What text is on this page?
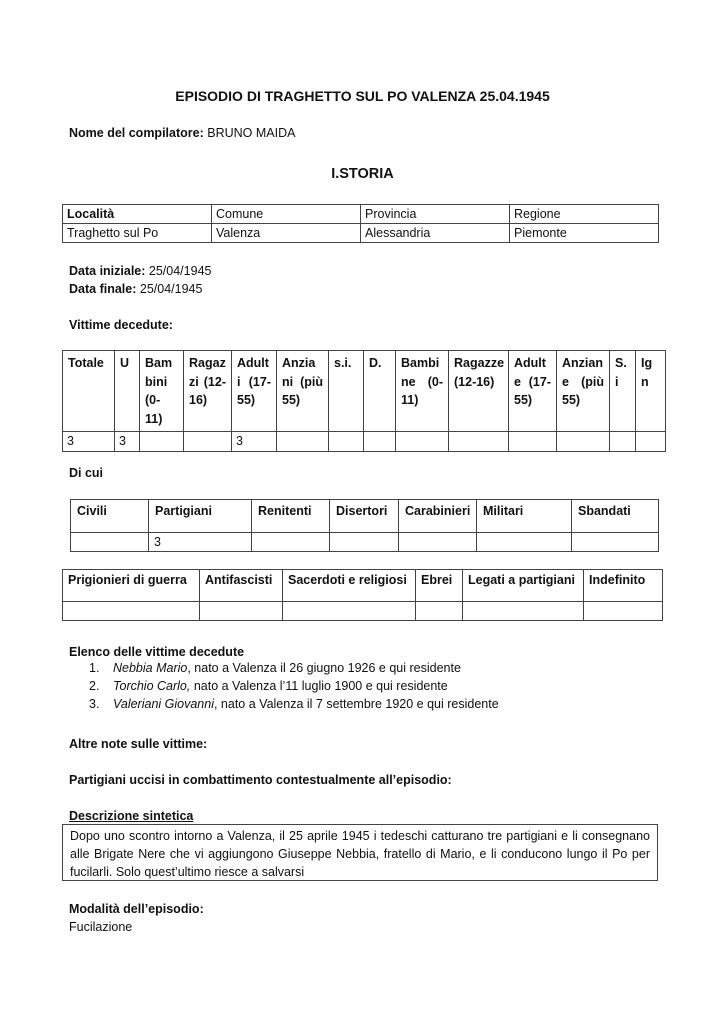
EPISODIO DI TRAGHETTO SUL PO VALENZA 25.04.1945
Nome del compilatore: BRUNO MAIDA
I.STORIA
Località	Comune	Provincia	Regione
Traghetto sul Po	Valenza	Alessandria	Piemonte
Data iniziale: 25/04/1945
Data finale: 25/04/1945
Vittime decedute:
Totale	U	Bam bini (0- 11)	Ragaz zi (12- 16)	Adult i (17- 55)	Anzia ni (più 55)	s.i.	D.	Bambi ne (0- 11)	Ragazze (12-16)	Adult e (17- 55)	Anzian e (più 55)	S. i	Ig n
3	3			3									
Di cui
Civili	Partigiani	Renitenti	Disertori	Carabinieri	Militari	Sbandati
	3					
Prigionieri di guerra	Antifascisti	Sacerdoti e religiosi	Ebrei	Legati a partigiani	Indefinito

Elenco delle vittime decedute
1.	Nebbia Mario, nato a Valenza il 26 giugno 1926 e qui residente
2.	Torchio Carlo, nato a Valenza l’11 luglio 1900 e qui residente
3.	Valeriani Giovanni, nato a Valenza il 7 settembre 1920 e qui residente
Altre note sulle vittime:
Partigiani uccisi in combattimento contestualmente all’episodio:
Descrizione sintetica
Dopo uno scontro intorno a Valenza, il 25 aprile 1945 i tedeschi catturano tre partigiani e li consegnano alle Brigate Nere che vi aggiungono Giuseppe Nebbia, fratello di Mario, e li conducono lungo il Po per fucilarli. Solo quest’ultimo riesce a salvarsi
Modalità dell’episodio:
Fucilazione
